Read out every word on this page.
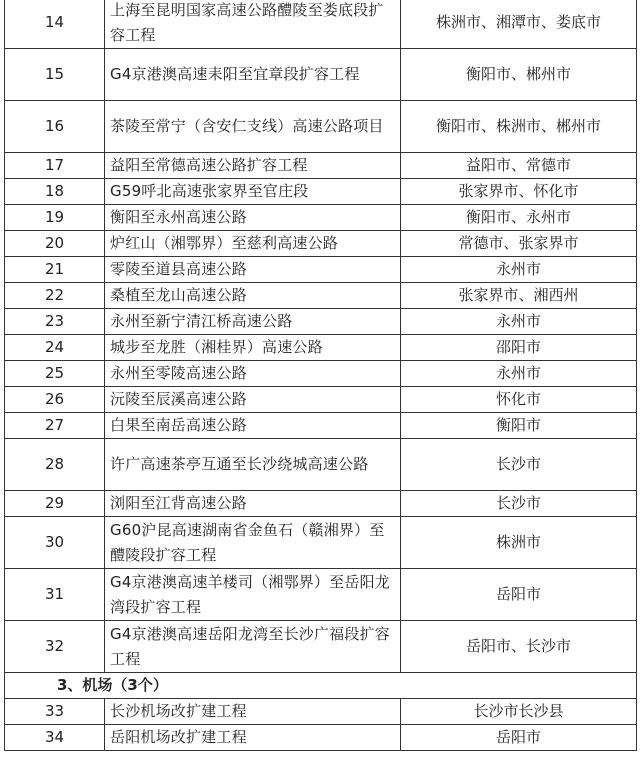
14	上海至昆明国家高速公路醴陵至娄底段扩容工程	株洲市、湘潭市、娄底市
15	G4京港澳高速耒阳至宜章段扩容工程	衡阳市、郴州市
16	茶陵至常宁（含安仁支线）高速公路项目	衡阳市、株洲市、郴州市
17	益阳至常德高速公路扩容工程	益阳市、常德市
18	G59呼北高速张家界至官庄段	张家界市、怀化市
19	衡阳至永州高速公路	衡阳市、永州市
20	炉红山（湘鄂界）至慈利高速公路	常德市、张家界市
21	零陵至道县高速公路	永州市
22	桑植至龙山高速公路	张家界市、湘西州
23	永州至新宁清江桥高速公路	永州市
24	城步至龙胜（湘桂界）高速公路	邵阳市
25	永州至零陵高速公路	永州市
26	沅陵至辰溪高速公路	怀化市
27	白果至南岳高速公路	衡阳市
28	许广高速茶亭互通至长沙绕城高速公路	长沙市
29	浏阳至江背高速公路	长沙市
30	G60沪昆高速湖南省金鱼石（赣湘界）至醴陵段扩容工程	株洲市
31	G4京港澳高速羊楼司（湘鄂界）至岳阳龙湾段扩容工程	岳阳市
32	G4京港澳高速岳阳龙湾至长沙广福段扩容工程	岳阳市、长沙市
3、机场（3个）		
33	长沙机场改扩建工程	长沙市长沙县
34	岳阳机场改扩建工程	岳阳市
